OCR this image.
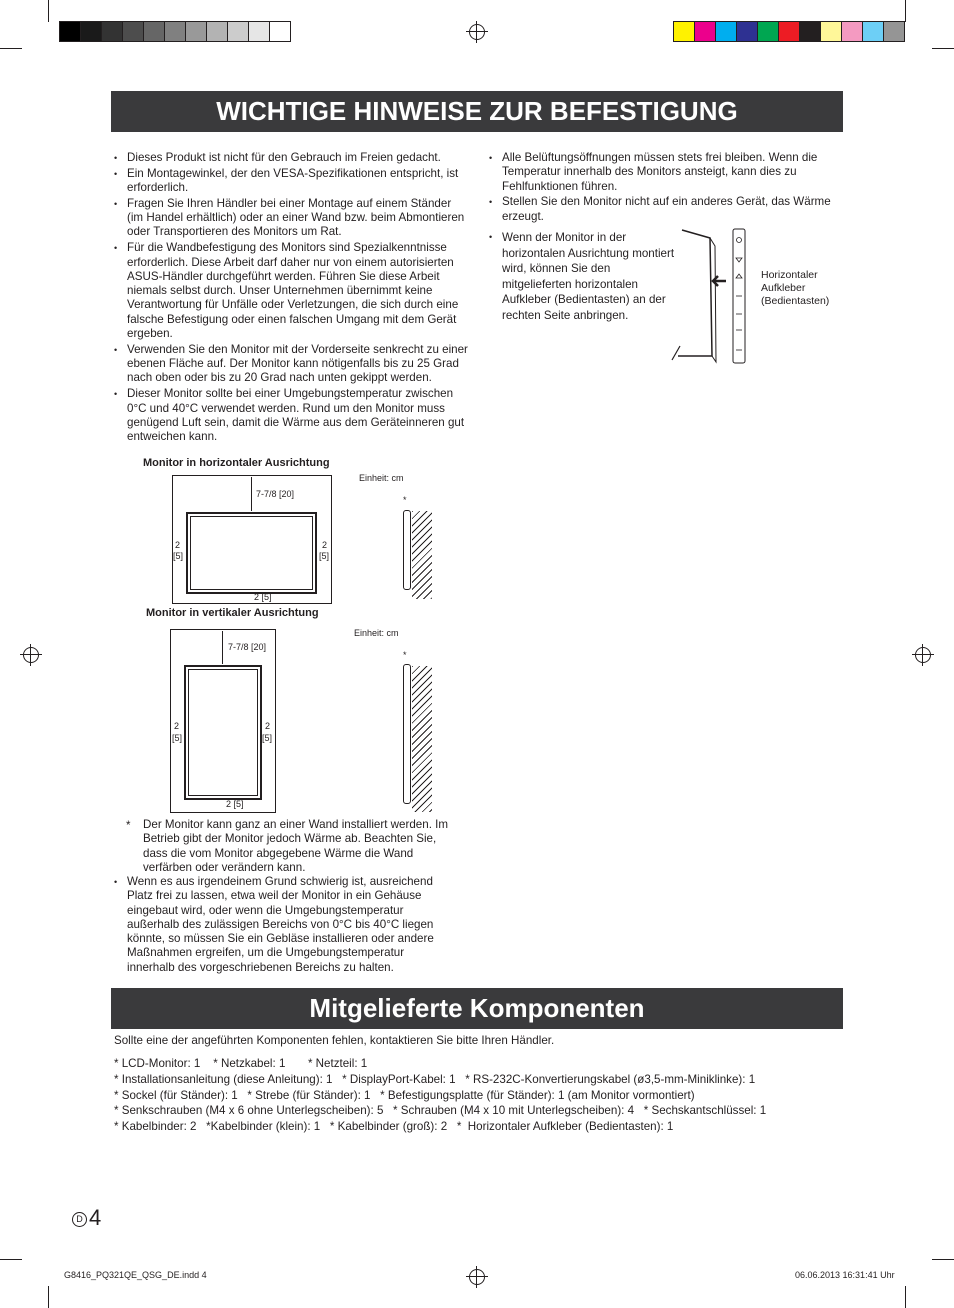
WICHTIGE HINWEISE ZUR BEFESTIGUNG
• Dieses Produkt ist nicht für den Gebrauch im Freien gedacht.
• Ein Montagewinkel, der den VESA-Spezifikationen entspricht, ist erforderlich.
• Fragen Sie Ihren Händler bei einer Montage auf einem Ständer (im Handel erhältlich) oder an einer Wand bzw. beim Abmontieren oder Transportieren des Monitors um Rat.
• Für die Wandbefestigung des Monitors sind Spezialkenntnisse erforderlich. Diese Arbeit darf daher nur von einem autorisierten ASUS-Händler durchgeführt werden. Führen Sie diese Arbeit niemals selbst durch. Unser Unternehmen übernimmt keine Verantwortung für Unfälle oder Verletzungen, die sich durch eine falsche Befestigung oder einen falschen Umgang mit dem Gerät ergeben.
• Verwenden Sie den Monitor mit der Vorderseite senkrecht zu einer ebenen Fläche auf. Der Monitor kann nötigenfalls bis zu 25 Grad nach oben oder bis zu 20 Grad nach unten gekippt werden.
• Dieser Monitor sollte bei einer Umgebungstemperatur zwischen 0°C und 40°C verwendet werden. Rund um den Monitor muss genügend Luft sein, damit die Wärme aus dem Geräteinneren gut entweichen kann.
• Alle Belüftungsöffnungen müssen stets frei bleiben. Wenn die Temperatur innerhalb des Monitors ansteigt, kann dies zu Fehlfunktionen führen.
• Stellen Sie den Monitor nicht auf ein anderes Gerät, das Wärme erzeugt.
• Wenn der Monitor in der horizontalen Ausrichtung montiert wird, können Sie den mitgelieferten horizontalen Aufkleber (Bedientasten) an der rechten Seite anbringen.
Horizontaler
Aufkleber
(Bedientasten)
Monitor in horizontaler Ausrichtung
Einheit: cm
7-7/8 [20]
2
[5]
2
[5]
2 [5]
*
Monitor in vertikaler Ausrichtung
Einheit: cm
7-7/8 [20]
2
[5]
2
[5]
2 [5]
*
* Der Monitor kann ganz an einer Wand installiert werden. Im Betrieb gibt der Monitor jedoch Wärme ab. Beachten Sie, dass die vom Monitor abgegebene Wärme die Wand verfärben oder verändern kann.
• Wenn es aus irgendeinem Grund schwierig ist, ausreichend Platz frei zu lassen, etwa weil der Monitor in ein Gehäuse eingebaut wird, oder wenn die Umgebungstemperatur außerhalb des zulässigen Bereichs von 0°C bis 40°C liegen könnte, so müssen Sie ein Gebläse installieren oder andere Maßnahmen ergreifen, um die Umgebungstemperatur innerhalb des vorgeschriebenen Bereichs zu halten.
Mitgelieferte Komponenten
Sollte eine der angeführten Komponenten fehlen, kontaktieren Sie bitte Ihren Händler.
* LCD-Monitor: 1    * Netzkabel: 1       * Netzteil: 1
* Installationsanleitung (diese Anleitung): 1   * DisplayPort-Kabel: 1   * RS-232C-Konvertierungskabel (ø3,5-mm-Miniklinke): 1
* Sockel (für Ständer): 1   * Strebe (für Ständer): 1   * Befestigungsplatte (für Ständer): 1 (am Monitor vormontiert)
* Senkschrauben (M4 x 6 ohne Unterlegscheiben): 5   * Schrauben (M4 x 10 mit Unterlegscheiben): 4   * Sechskantschlüssel: 1
* Kabelbinder: 2   *Kabelbinder (klein): 1   * Kabelbinder (groß): 2   *  Horizontaler Aufkleber (Bedientasten): 1
D 4
G8416_PQ321QE_QSG_DE.indd 4	06.06.2013 16:31:41 Uhr
